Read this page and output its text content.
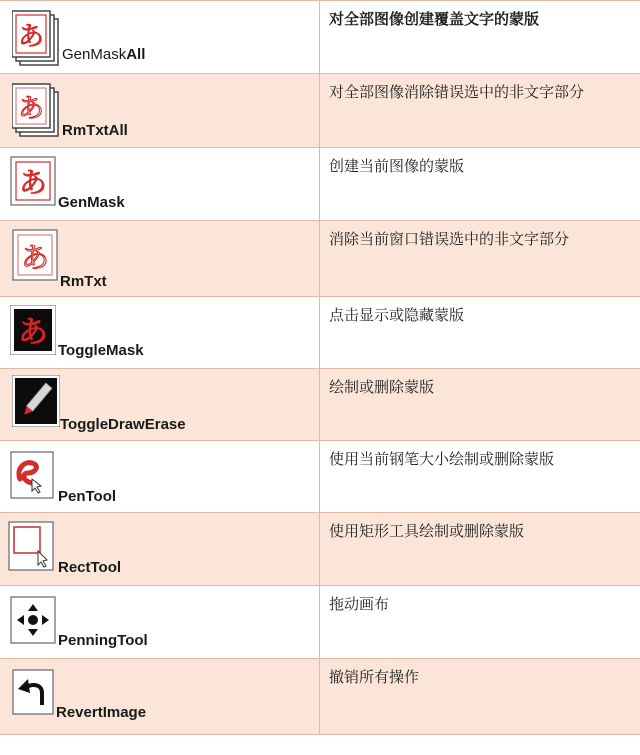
あ
GenMaskAll
对全部图像创建覆盖文字的蒙版
あ
RmTxtAll
对全部图像消除错误选中的非文字部分
あ
GenMask
创建当前图像的蒙版
あ
RmTxt
消除当前窗口错误选中的非文字部分
あ
ToggleMask
点击显示或隐藏蒙版
ToggleDrawErase
绘制或删除蒙版
PenTool
使用当前钢笔大小绘制或删除蒙版
RectTool
使用矩形工具绘制或删除蒙版
PenningTool
拖动画布
RevertImage
撤销所有操作
